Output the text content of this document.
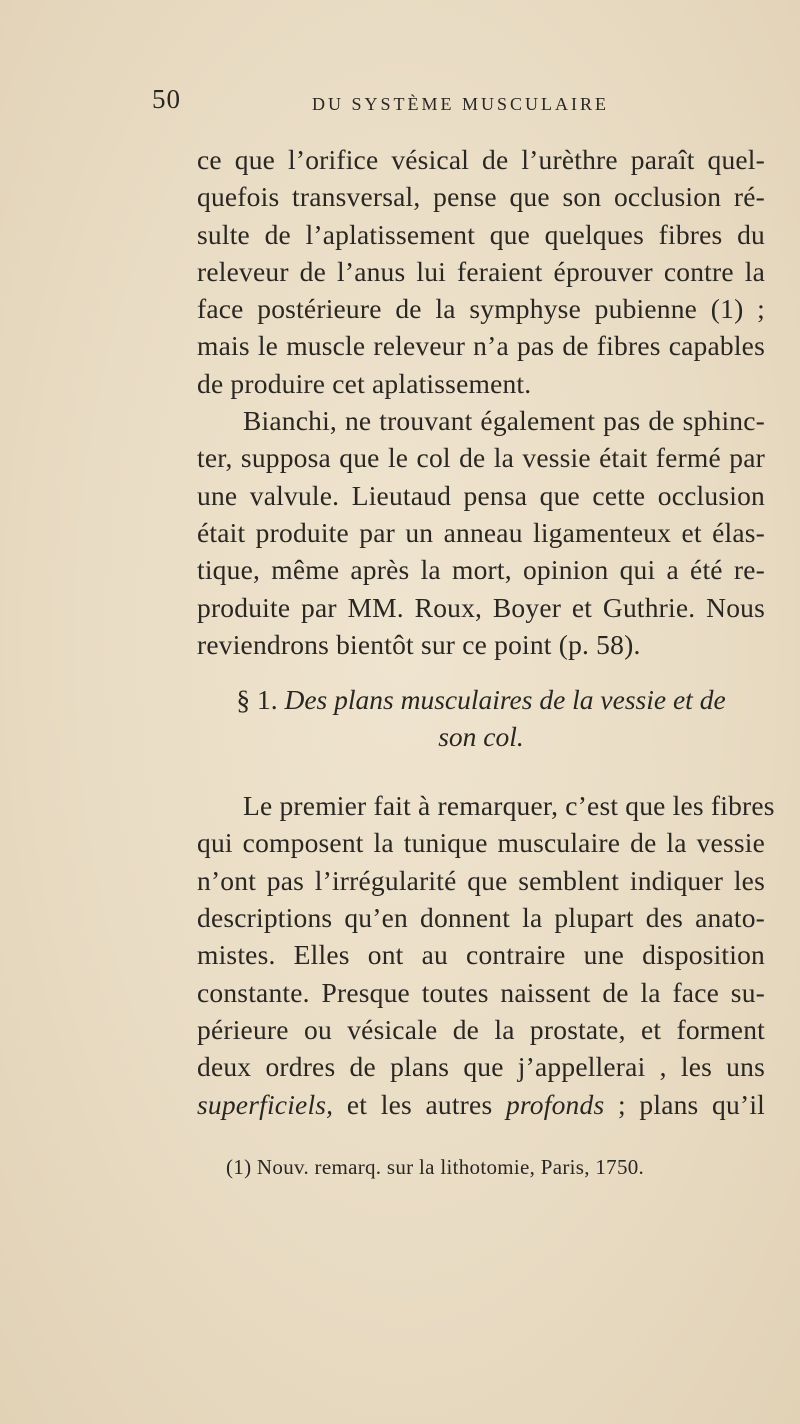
50	DU SYSTÈME MUSCULAIRE
ce que l’orifice vésical de l’urèthre paraît quel-
quefois transversal, pense que son occlusion ré-
sulte de l’aplatissement que quelques fibres du
releveur de l’anus lui feraient éprouver contre la
face postérieure de la symphyse pubienne (1) ;
mais le muscle releveur n’a pas de fibres capables
de produire cet aplatissement.
Bianchi, ne trouvant également pas de sphinc-
ter, supposa que le col de la vessie était fermé par
une valvule. Lieutaud pensa que cette occlusion
était produite par un anneau ligamenteux et élas-
tique, même après la mort, opinion qui a été re-
produite par MM. Roux, Boyer et Guthrie. Nous
reviendrons bientôt sur ce point (p. 58).
§ 1. Des plans musculaires de la vessie et de
son col.
Le premier fait à remarquer, c’est que les fibres
qui composent la tunique musculaire de la vessie
n’ont pas l’irrégularité que semblent indiquer les
descriptions qu’en donnent la plupart des anato-
mistes. Elles ont au contraire une disposition
constante. Presque toutes naissent de la face su-
périeure ou vésicale de la prostate, et forment
deux ordres de plans que j’appellerai , les uns
superficiels, et les autres profonds ; plans qu’il
(1) Nouv. remarq. sur la lithotomie, Paris, 1750.
